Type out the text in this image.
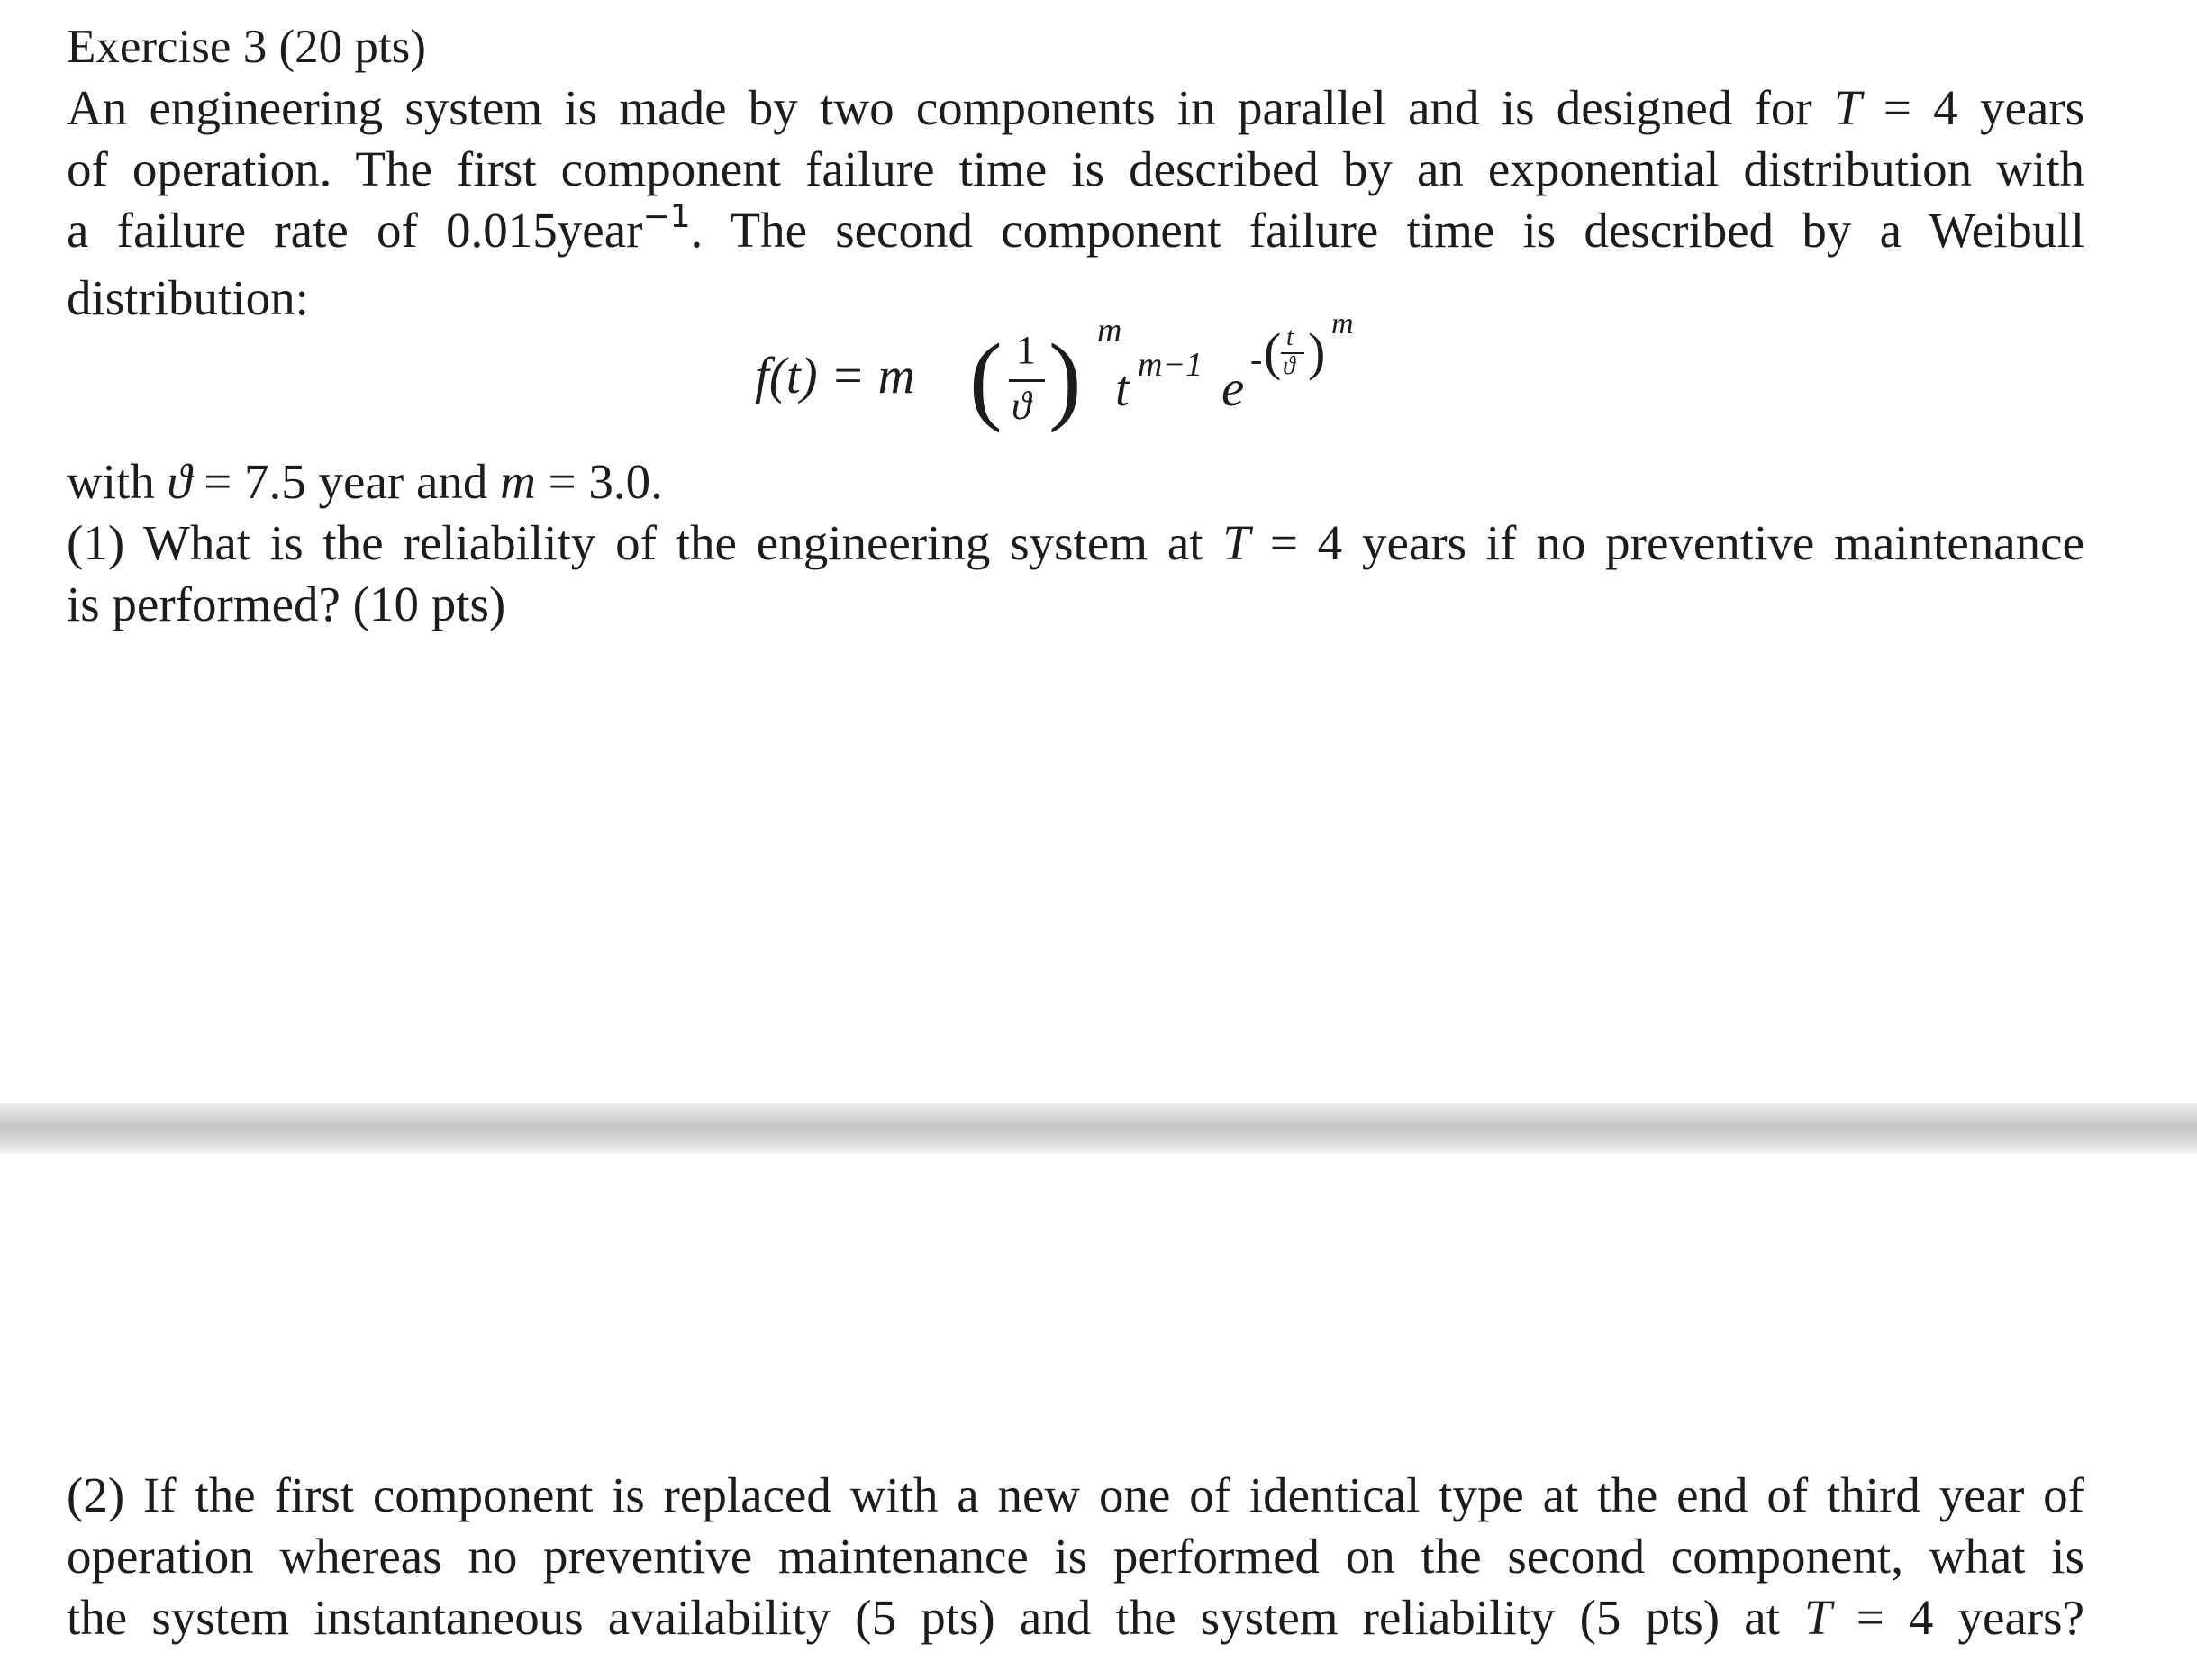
Exercise 3 (20 pts)
An engineering system is made by two components in parallel and is designed for T = 4 years
of operation. The first component failure time is described by an exponential distribution with
a failure rate of 0.015year$^{-1}$. The second component failure time is described by a Weibull
distribution:
f(t) = m ( 1
ϑ ) m
t m−1 e
- ( t
ϑ ) m
with ϑ = 7.5 year and m = 3.0.
(1) What is the reliability of the engineering system at T = 4 years if no preventive maintenance
is performed? (10 pts)
(2) If the first component is replaced with a new one of identical type at the end of third year of
operation whereas no preventive maintenance is performed on the second component, what is
the system instantaneous availability (5 pts) and the system reliability (5 pts) at T = 4 years?
